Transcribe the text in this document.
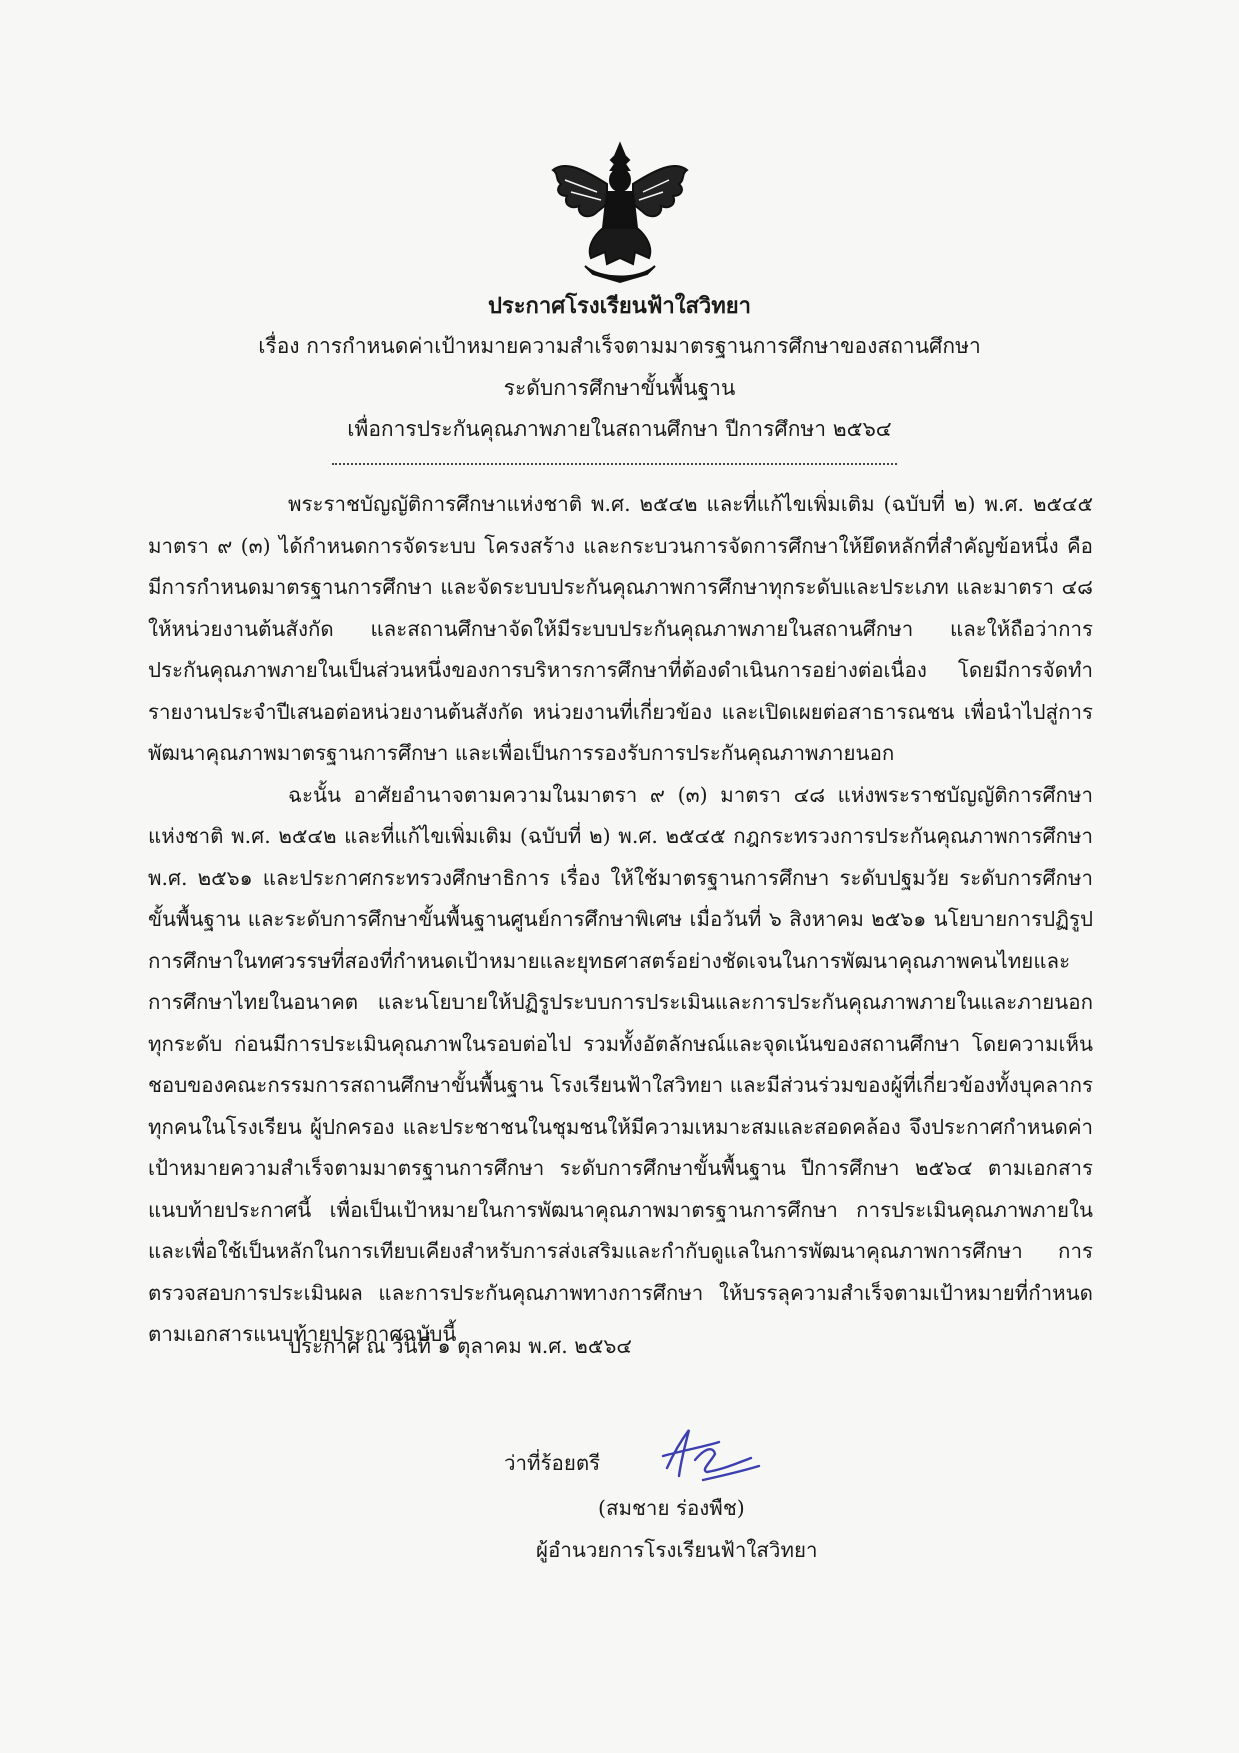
ประกาศโรงเรียนฟ้าใสวิทยา
เรื่อง การกำหนดค่าเป้าหมายความสำเร็จตามมาตรฐานการศึกษาของสถานศึกษา
ระดับการศึกษาขั้นพื้นฐาน
เพื่อการประกันคุณภาพภายในสถานศึกษา ปีการศึกษา ๒๕๖๔

พระราชบัญญัติการศึกษาแห่งชาติ พ.ศ. ๒๕๔๒ และที่แก้ไขเพิ่มเติม (ฉบับที่ ๒) พ.ศ. ๒๕๔๕ มาตรา ๙ (๓) ได้กำหนดการจัดระบบ โครงสร้าง และกระบวนการจัดการศึกษาให้ยึดหลักที่สำคัญข้อหนึ่ง คือ มีการกำหนดมาตรฐานการศึกษา และจัดระบบประกันคุณภาพการศึกษาทุกระดับและประเภท และมาตรา ๔๘ ให้หน่วยงานต้นสังกัด และสถานศึกษาจัดให้มีระบบประกันคุณภาพภายในสถานศึกษา และให้ถือว่าการประกันคุณภาพภายในเป็นส่วนหนึ่งของการบริหารการศึกษาที่ต้องดำเนินการอย่างต่อเนื่อง โดยมีการจัดทำรายงานประจำปีเสนอต่อหน่วยงานต้นสังกัด หน่วยงานที่เกี่ยวข้อง และเปิดเผยต่อสาธารณชน เพื่อนำไปสู่การพัฒนาคุณภาพมาตรฐานการศึกษา และเพื่อเป็นการรองรับการประกันคุณภาพภายนอก

ฉะนั้น อาศัยอำนาจตามความในมาตรา ๙ (๓) มาตรา ๔๘ แห่งพระราชบัญญัติการศึกษาแห่งชาติ พ.ศ. ๒๕๔๒ และที่แก้ไขเพิ่มเติม (ฉบับที่ ๒) พ.ศ. ๒๕๔๕ กฎกระทรวงการประกันคุณภาพการศึกษา พ.ศ. ๒๕๖๑ และประกาศกระทรวงศึกษาธิการ เรื่อง ให้ใช้มาตรฐานการศึกษา ระดับปฐมวัย ระดับการศึกษาขั้นพื้นฐาน และระดับการศึกษาขั้นพื้นฐานศูนย์การศึกษาพิเศษ เมื่อวันที่ ๖ สิงหาคม ๒๕๖๑ นโยบายการปฏิรูปการศึกษาในทศวรรษที่สองที่กำหนดเป้าหมายและยุทธศาสตร์อย่างชัดเจนในการพัฒนาคุณภาพคนไทยและการศึกษาไทยในอนาคต และนโยบายให้ปฏิรูประบบการประเมินและการประกันคุณภาพภายในและภายนอกทุกระดับ ก่อนมีการประเมินคุณภาพในรอบต่อไป รวมทั้งอัตลักษณ์และจุดเน้นของสถานศึกษา โดยความเห็นชอบของคณะกรรมการสถานศึกษาขั้นพื้นฐาน โรงเรียนฟ้าใสวิทยา และมีส่วนร่วมของผู้ที่เกี่ยวข้องทั้งบุคลากรทุกคนในโรงเรียน ผู้ปกครอง และประชาชนในชุมชนให้มีความเหมาะสมและสอดคล้อง จึงประกาศกำหนดค่าเป้าหมายความสำเร็จตามมาตรฐานการศึกษา ระดับการศึกษาขั้นพื้นฐาน ปีการศึกษา ๒๕๖๔ ตามเอกสารแนบท้ายประกาศนี้ เพื่อเป็นเป้าหมายในการพัฒนาคุณภาพมาตรฐานการศึกษา การประเมินคุณภาพภายในและเพื่อใช้เป็นหลักในการเทียบเคียงสำหรับการส่งเสริมและกำกับดูแลในการพัฒนาคุณภาพการศึกษา การตรวจสอบการประเมินผล และการประกันคุณภาพทางการศึกษา ให้บรรลุความสำเร็จตามเป้าหมายที่กำหนดตามเอกสารแนบท้ายประกาศฉบับนี้

ประกาศ ณ วันที่ ๑ ตุลาคม พ.ศ. ๒๕๖๔
ว่าที่ร้อยตรี
(สมชาย ร่องพืช)
ผู้อำนวยการโรงเรียนฟ้าใสวิทยา
